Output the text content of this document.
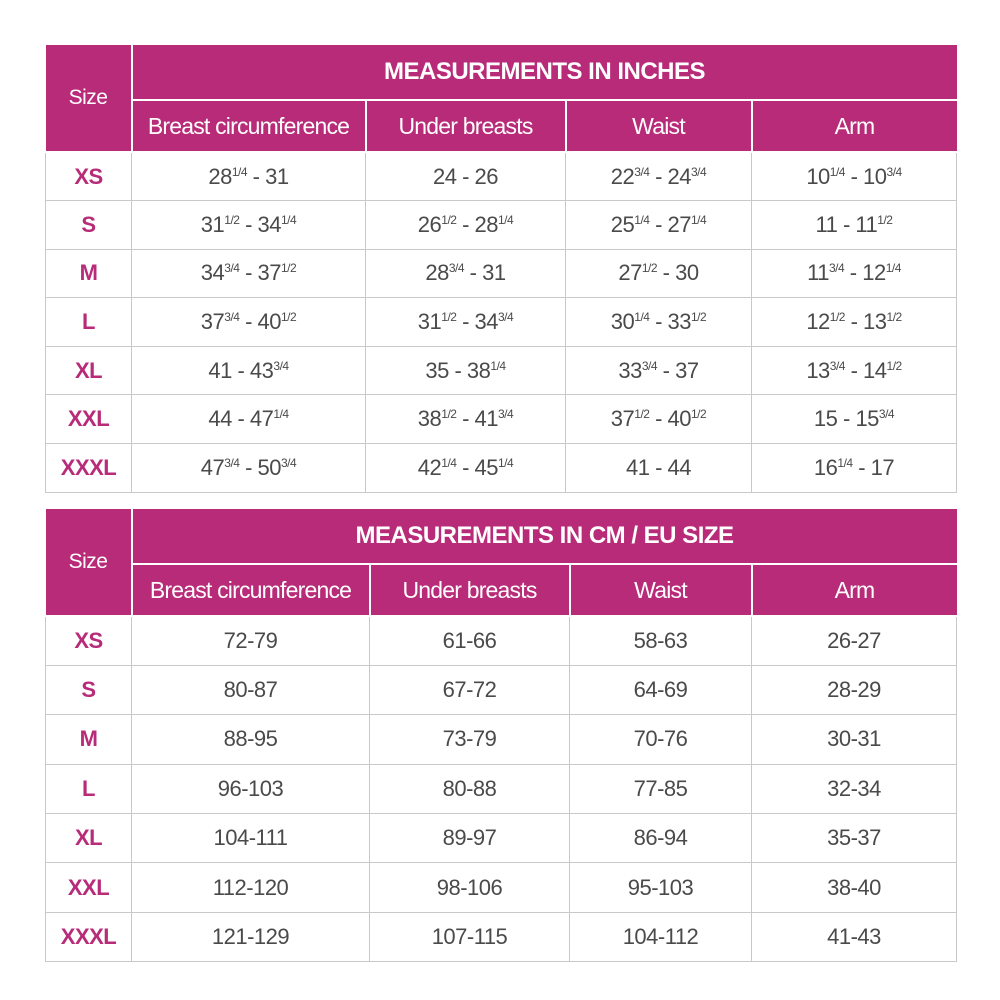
Size	MEASUREMENTS IN INCHES			
	Breast circumference	Under breasts	Waist	Arm
XS	$28^{1/4} - 31$	24 - 26	$22^{3/4} - 24^{3/4}$	$10^{1/4} - 10^{3/4}$
S	$31^{1/2} - 34^{1/4}$	$26^{1/2} - 28^{1/4}$	$25^{1/4} - 27^{1/4}$	$11 - 11^{1/2}$
M	$34^{3/4} - 37^{1/2}$	$28^{3/4} - 31$	$27^{1/2} - 30$	$11^{3/4} - 12^{1/4}$
L	$37^{3/4} - 40^{1/2}$	$31^{1/2} - 34^{3/4}$	$30^{1/4} - 33^{1/2}$	$12^{1/2} - 13^{1/2}$
XL	$41 - 43^{3/4}$	$35 - 38^{1/4}$	$33^{3/4} - 37$	$13^{3/4} - 14^{1/2}$
XXL	$44 - 47^{1/4}$	$38^{1/2} - 41^{3/4}$	$37^{1/2} - 40^{1/2}$	$15 - 15^{3/4}$
XXXL	$47^{3/4} - 50^{3/4}$	$42^{1/4} - 45^{1/4}$	41 - 44	$16^{1/4} - 17$
Size	MEASUREMENTS IN CM / EU SIZE			
	Breast circumference	Under breasts	Waist	Arm
XS	72-79	61-66	58-63	26-27
S	80-87	67-72	64-69	28-29
M	88-95	73-79	70-76	30-31
L	96-103	80-88	77-85	32-34
XL	104-111	89-97	86-94	35-37
XXL	112-120	98-106	95-103	38-40
XXXL	121-129	107-115	104-112	41-43
